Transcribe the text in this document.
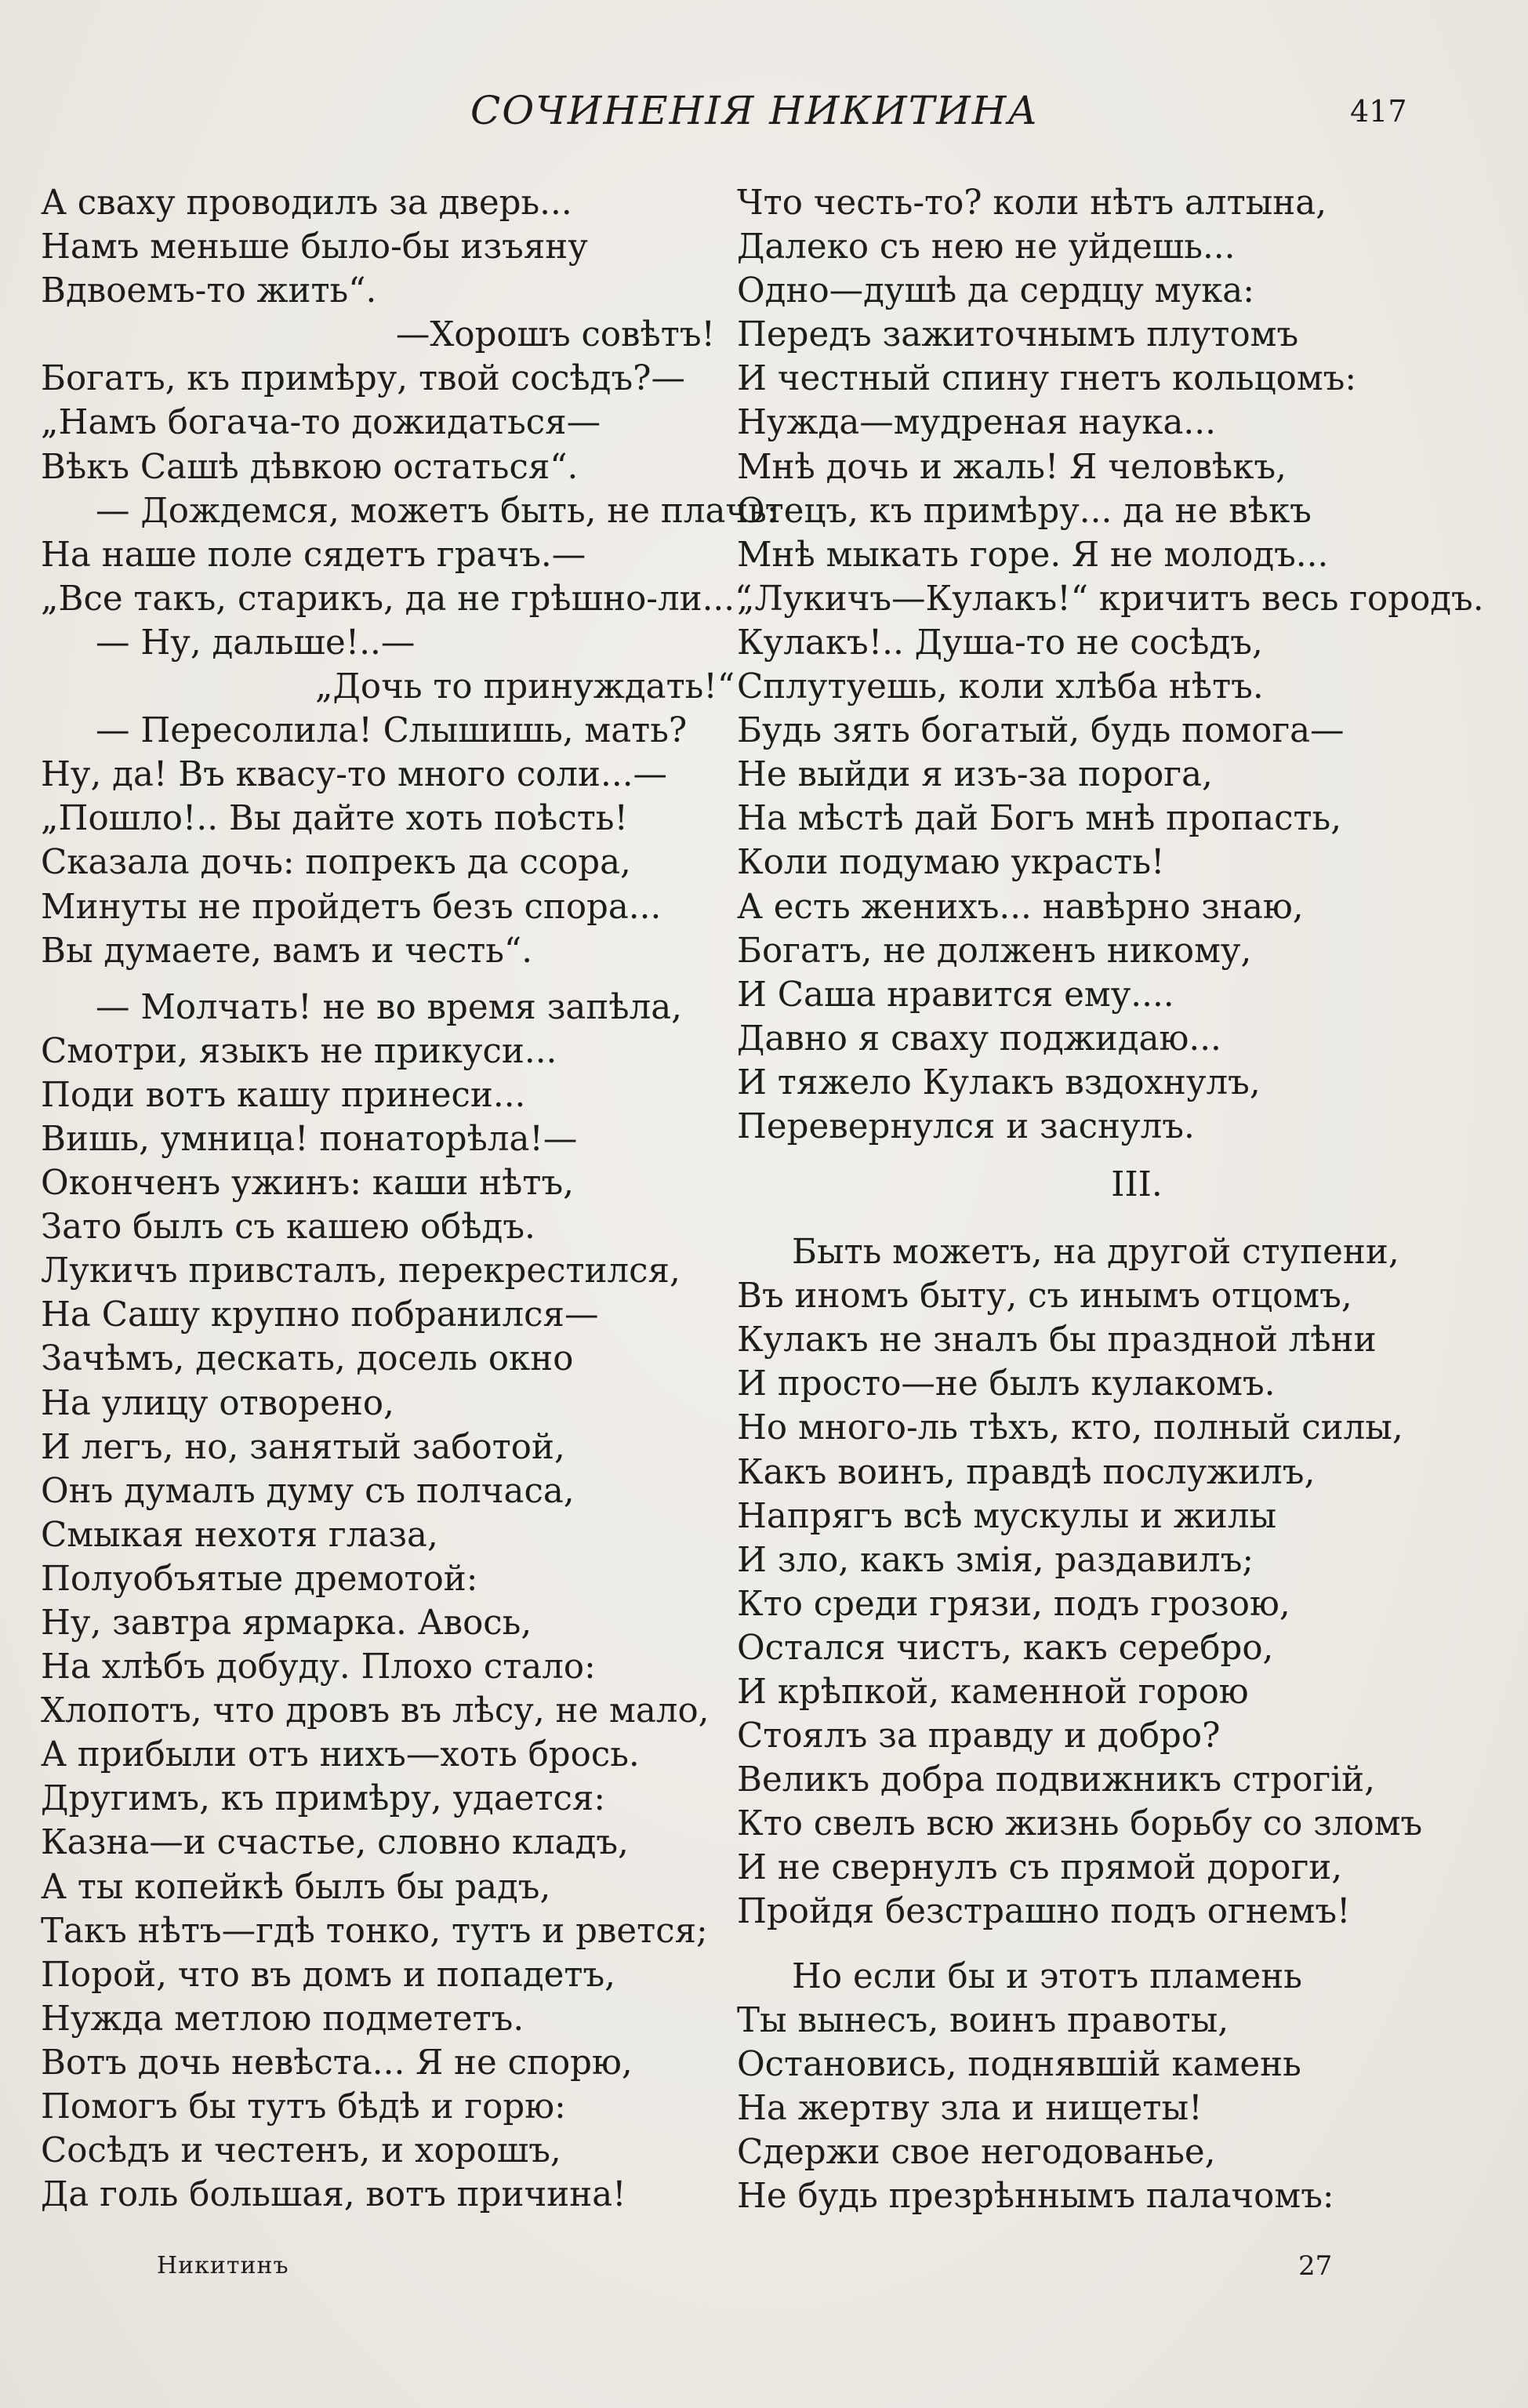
СОЧИНЕНІЯ НИКИТИНА	417
А сваху проводилъ за дверь...
Намъ меньше было-бы изъяну
Вдвоемъ-то жить“.
—Хорошъ совѣтъ!
Богатъ, къ примѣру, твой сосѣдъ?—
„Намъ богача-то дожидаться—
Вѣкъ Сашѣ дѣвкою остаться“.
— Дождемся, можетъ быть, не плачь:
На наше поле сядетъ грачъ.—
„Все такъ, старикъ, да не грѣшно-ли...“
— Ну, дальше!..—
„Дочь то принуждать!“
— Пересолила! Слышишь, мать?
Ну, да! Въ квасу-то много соли...—
„Пошло!.. Вы дайте хоть поѣсть!
Сказала дочь: попрекъ да ссора,
Минуты не пройдетъ безъ спора...
Вы думаете, вамъ и честь“.
— Молчать! не во время запѣла,
Смотри, языкъ не прикуси...
Поди вотъ кашу принеси...
Вишь, умница! понаторѣла!—
Оконченъ ужинъ: каши нѣтъ,
Зато былъ съ кашею обѣдъ.
Лукичъ привсталъ, перекрестился,
На Сашу крупно побранился—
Зачѣмъ, дескать, досель окно
На улицу отворено,
И легъ, но, занятый заботой,
Онъ думалъ думу съ полчаса,
Смыкая нехотя глаза,
Полуобъятые дремотой:
Ну, завтра ярмарка. Авось,
На хлѣбъ добуду. Плохо стало:
Хлопотъ, что дровъ въ лѣсу, не мало,
А прибыли отъ нихъ—хоть брось.
Другимъ, къ примѣру, удается:
Казна—и счастье, словно кладъ,
А ты копейкѣ былъ бы радъ,
Такъ нѣтъ—гдѣ тонко, тутъ и рвется;
Порой, что въ домъ и попадетъ,
Нужда метлою подмететъ.
Вотъ дочь невѣста... Я не спорю,
Помогъ бы тутъ бѣдѣ и горю:
Сосѣдъ и честенъ, и хорошъ,
Да голь большая, вотъ причина!
Что честь-то? коли нѣтъ алтына,
Далеко съ нею не уйдешь...
Одно—душѣ да сердцу мука:
Передъ зажиточнымъ плутомъ
И честный спину гнетъ кольцомъ:
Нужда—мудреная наука...
Мнѣ дочь и жаль! Я человѣкъ,
Отецъ, къ примѣру... да не вѣкъ
Мнѣ мыкать горе. Я не молодъ...
„Лукичъ—Кулакъ!“ кричитъ весь городъ.
Кулакъ!.. Душа-то не сосѣдъ,
Сплутуешь, коли хлѣба нѣтъ.
Будь зять богатый, будь помога—
Не выйди я изъ-за порога,
На мѣстѣ дай Богъ мнѣ пропасть,
Коли подумаю украсть!
А есть женихъ... навѣрно знаю,
Богатъ, не долженъ никому,
И Саша нравится ему....
Давно я сваху поджидаю...
И тяжело Кулакъ вздохнулъ,
Перевернулся и заснулъ.
III.
Быть можетъ, на другой ступени,
Въ иномъ быту, съ инымъ отцомъ,
Кулакъ не зналъ бы праздной лѣни
И просто—не былъ кулакомъ.
Но много-ль тѣхъ, кто, полный силы,
Какъ воинъ, правдѣ послужилъ,
Напрягъ всѣ мускулы и жилы
И зло, какъ змія, раздавилъ;
Кто среди грязи, подъ грозою,
Остался чистъ, какъ серебро,
И крѣпкой, каменной горою
Стоялъ за правду и добро?
Великъ добра подвижникъ строгій,
Кто свелъ всю жизнь борьбу со зломъ
И не свернулъ съ прямой дороги,
Пройдя безстрашно подъ огнемъ!
Но если бы и этотъ пламень
Ты вынесъ, воинъ правоты,
Остановись, поднявшій камень
На жертву зла и нищеты!
Сдержи свое негодованье,
Не будь презрѣннымъ палачомъ:
Никитинъ	27
